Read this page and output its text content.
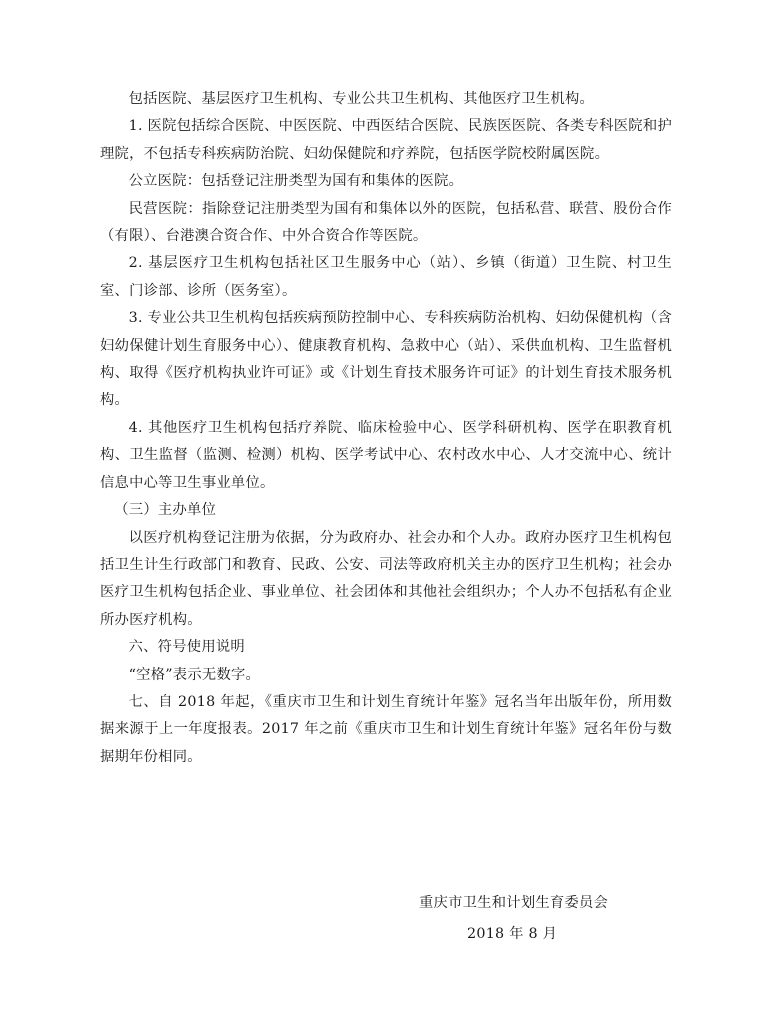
包括医院、基层医疗卫生机构、专业公共卫生机构、其他医疗卫生机构。

1. 医院包括综合医院、中医医院、中西医结合医院、民族医医院、各类专科医院和护理院，不包括专科疾病防治院、妇幼保健院和疗养院，包括医学院校附属医院。

公立医院：包括登记注册类型为国有和集体的医院。

民营医院：指除登记注册类型为国有和集体以外的医院，包括私营、联营、股份合作（有限）、台港澳合资合作、中外合资合作等医院。

2. 基层医疗卫生机构包括社区卫生服务中心（站）、乡镇（街道）卫生院、村卫生室、门诊部、诊所（医务室）。

3. 专业公共卫生机构包括疾病预防控制中心、专科疾病防治机构、妇幼保健机构（含妇幼保健计划生育服务中心）、健康教育机构、急救中心（站）、采供血机构、卫生监督机构、取得《医疗机构执业许可证》或《计划生育技术服务许可证》的计划生育技术服务机构。

4. 其他医疗卫生机构包括疗养院、临床检验中心、医学科研机构、医学在职教育机构、卫生监督（监测、检测）机构、医学考试中心、农村改水中心、人才交流中心、统计信息中心等卫生事业单位。

（三）主办单位

以医疗机构登记注册为依据，分为政府办、社会办和个人办。政府办医疗卫生机构包括卫生计生行政部门和教育、民政、公安、司法等政府机关主办的医疗卫生机构；社会办医疗卫生机构包括企业、事业单位、社会团体和其他社会组织办；个人办不包括私有企业所办医疗机构。

六、符号使用说明

“空格”表示无数字。

七、自 2018 年起，《重庆市卫生和计划生育统计年鉴》冠名当年出版年份，所用数据来源于上一年度报表。2017 年之前《重庆市卫生和计划生育统计年鉴》冠名年份与数据期年份相同。

重庆市卫生和计划生育委员会
2018 年 8 月
